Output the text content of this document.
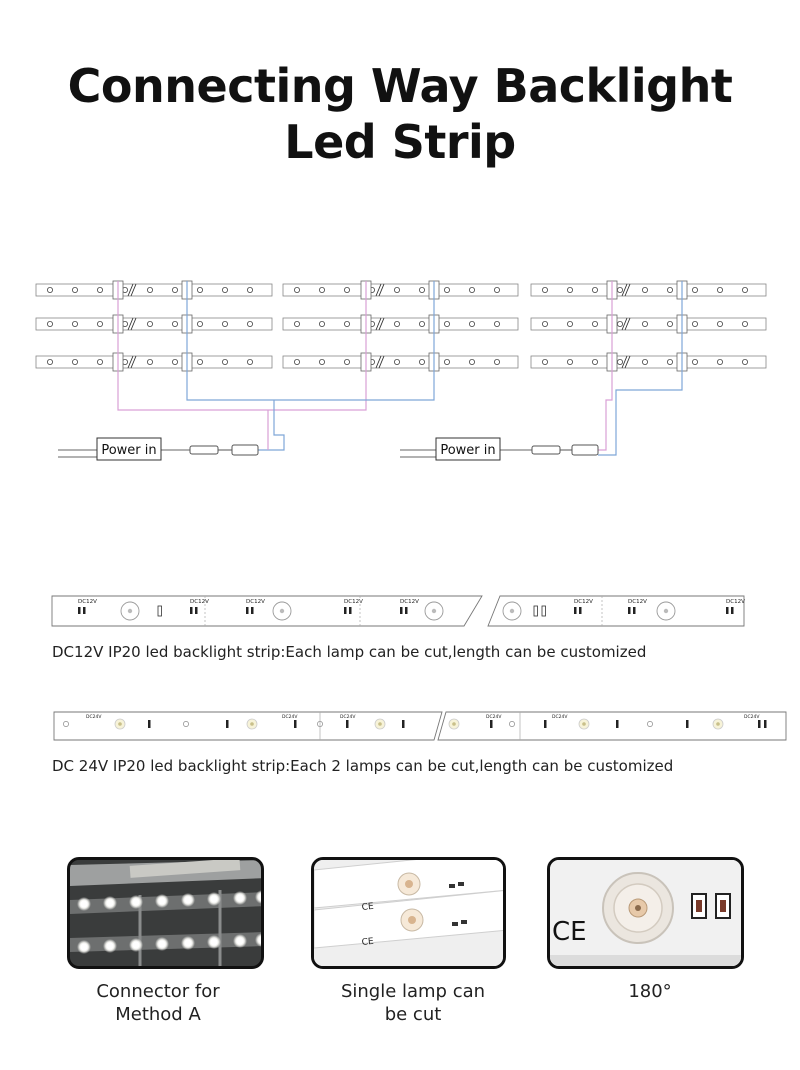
Connecting Way Backlight
Led Strip
Power in	Power in
DC12V	DC12V	DC12V	DC12V	DC12V	DC12V	DC12V	DC12V
DC12V IP20 led backlight strip:Each lamp can be cut,length can be customized
DC24V	DC24V	DC24V	DC24V	DC24V	DC24V
DC 24V IP20 led backlight strip:Each 2 lamps can be cut,length can be customized
CE
CE	CE
Connector for
Method A
Single lamp can
be cut
180°
